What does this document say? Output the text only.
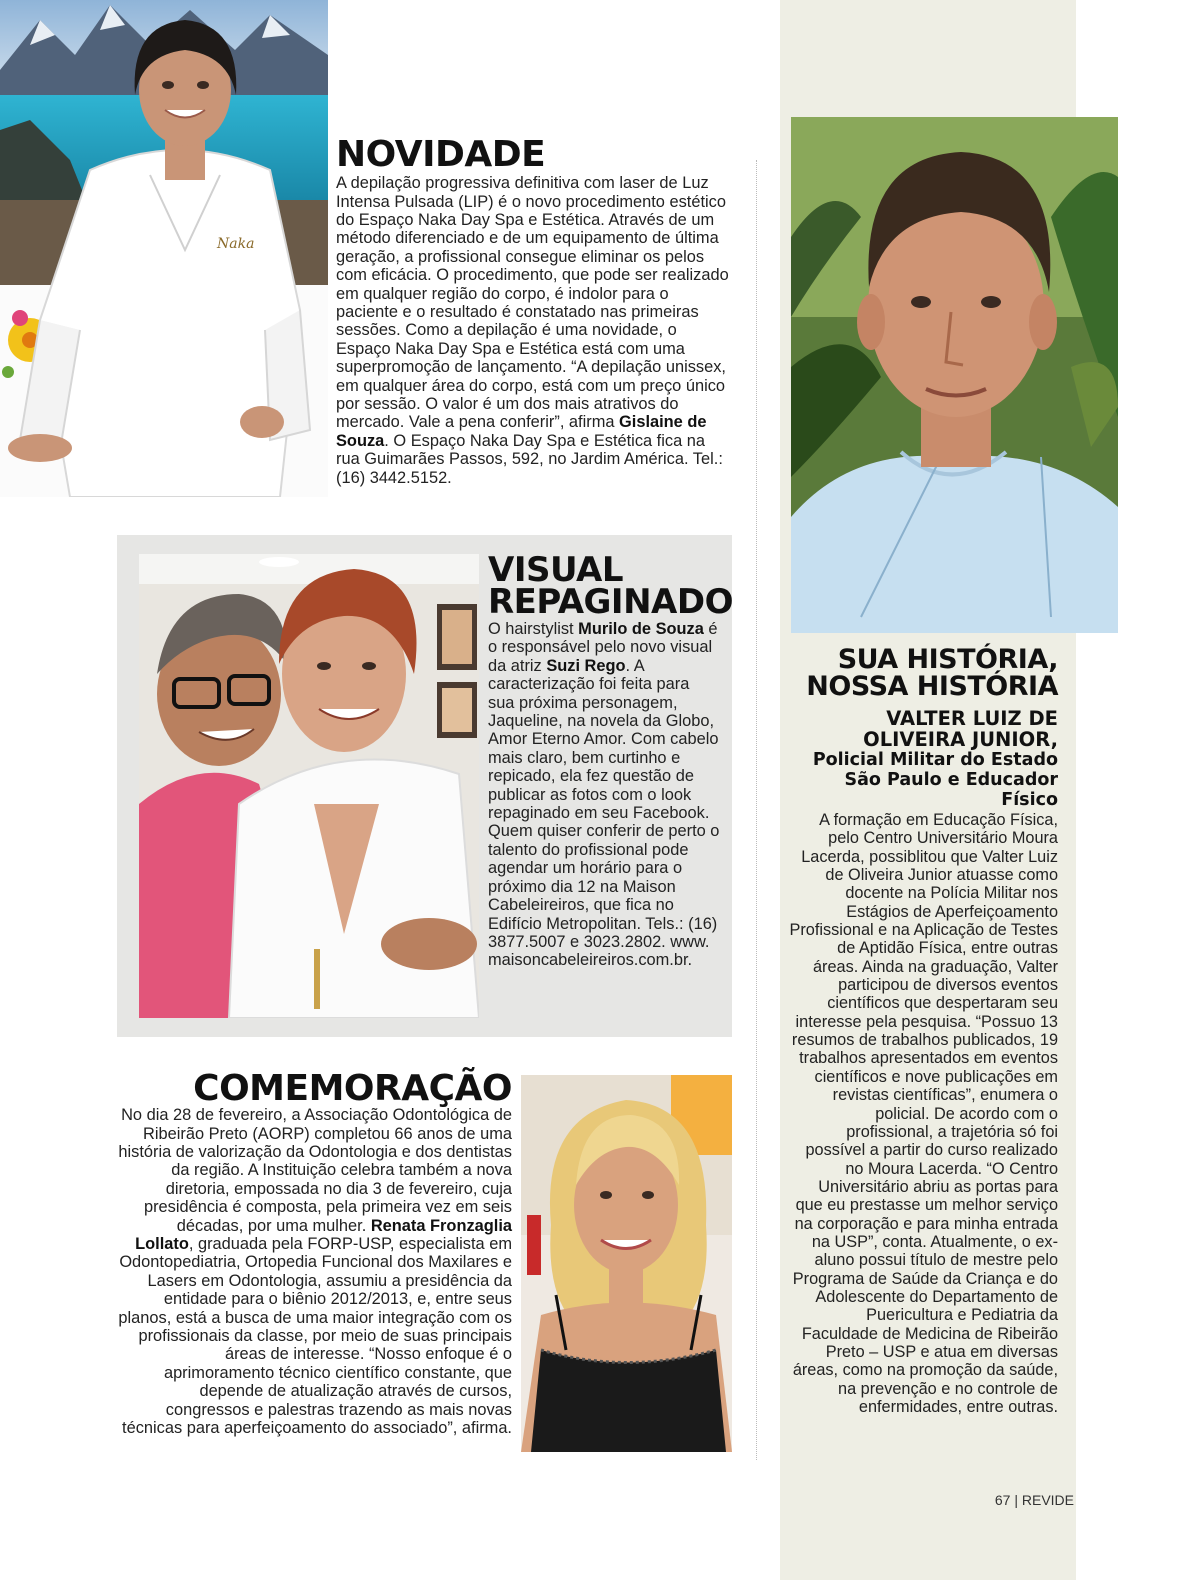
Naka
NOVIDADE

A depilação progressiva definitiva com laser de Luz Intensa Pulsada (LIP) é o novo procedimento estético do Espaço Naka Day Spa e Estética. Através de um método diferenciado e de um equipamento de última geração, a profissional consegue eliminar os pelos com eficácia. O procedimento, que pode ser realizado em qualquer região do corpo, é indolor para o paciente e o resultado é constatado nas primeiras sessões. Como a depilação é uma novidade, o Espaço Naka Day Spa e Estética está com uma superpromoção de lançamento. “A depilação unissex, em qualquer área do corpo, está com um preço único por sessão. O valor é um dos mais atrativos do mercado. Vale a pena conferir”, afirma Gislaine de Souza. O Espaço Naka Day Spa e Estética fica na rua Guimarães Passos, 592, no Jardim América. Tel.: (16) 3442.5152.

VISUAL
REPAGINADO

O hairstylist Murilo de Souza é o responsável pelo novo visual da atriz Suzi Rego. A caracterização foi feita para sua próxima personagem, Jaqueline, na novela da Globo, Amor Eterno Amor. Com cabelo mais claro, bem curtinho e repicado, ela fez questão de publicar as fotos com o look repaginado em seu Facebook. Quem quiser conferir de perto o talento do profissional pode agendar um horário para o próximo dia 12 na Maison Cabeleireiros, que fica no Edifício Metropolitan. Tels.: (16) 3877.5007 e 3023.2802. www. maisoncabeleireiros.com.br.

COMEMORAÇÃO

No dia 28 de fevereiro, a Associação Odontológica de Ribeirão Preto (AORP) completou 66 anos de uma história de valorização da Odontologia e dos dentistas da região. A Instituição celebra também a nova diretoria, empossada no dia 3 de fevereiro, cuja presidência é composta, pela primeira vez em seis décadas, por uma mulher. Renata Fronzaglia Lollato, graduada pela FORP-USP, especialista em Odontopediatria, Ortopedia Funcional dos Maxilares e Lasers em Odontologia, assumiu a presidência da entidade para o biênio 2012/2013, e, entre seus planos, está a busca de uma maior integração com os profissionais da classe, por meio de suas principais áreas de interesse. “Nosso enfoque é o aprimoramento técnico científico constante, que depende de atualização através de cursos, congressos e palestras trazendo as mais novas técnicas para aperfeiçoamento do associado”, afirma.

SUA HISTÓRIA,
NOSSA HISTÓRIA

VALTER LUIZ DE
OLIVEIRA JUNIOR,

Policial Militar do Estado
São Paulo e Educador Físico

A formação em Educação Física, pelo Centro Universitário Moura Lacerda, possiblitou que Valter Luiz de Oliveira Junior atuasse como docente na Polícia Militar nos Estágios de Aperfeiçoamento Profissional e na Aplicação de Testes de Aptidão Física, entre outras áreas. Ainda na graduação, Valter participou de diversos eventos científicos que despertaram seu interesse pela pesquisa. “Possuo 13 resumos de trabalhos publicados, 19 trabalhos apresentados em eventos científicos e nove publicações em revistas científicas”, enumera o policial. De acordo com o profissional, a trajetória só foi possível a partir do curso realizado no Moura Lacerda. “O Centro Universitário abriu as portas para que eu prestasse um melhor serviço na corporação e para minha entrada na USP”, conta. Atualmente, o ex-aluno possui título de mestre pelo Programa de Saúde da Criança e do Adolescente do Departamento de Puericultura e Pediatria da Faculdade de Medicina de Ribeirão Preto – USP e atua em diversas áreas, como na promoção da saúde, na prevenção e no controle de enfermidades, entre outras.

67 | REVIDE
